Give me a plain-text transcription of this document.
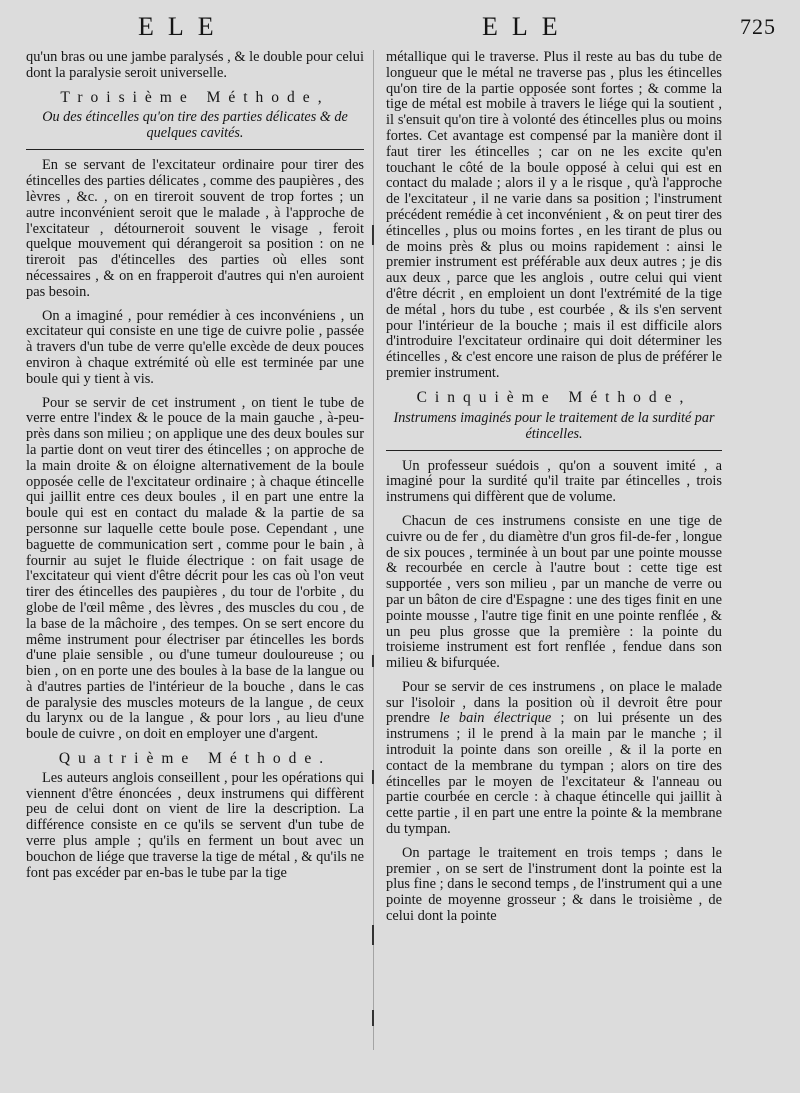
ELE	ELE	725

qu'un bras ou une jambe paralysés , & le double pour celui dont la paralysie seroit universelle.

Troisième Méthode,
Ou des étincelles qu'on tire des parties délicates & de quelques cavités.

En se servant de l'excitateur ordinaire pour tirer des étincelles des parties délicates , comme des paupières , des lèvres , &c. , on en tireroit souvent de trop fortes ; un autre inconvénient seroit que le malade , à l'approche de l'excitateur , détourneroit souvent le visage , feroit quelque mouvement qui dérangeroit sa position : on ne tireroit pas d'étincelles des parties où elles sont nécessaires , & on en frapperoit d'autres qui n'en auroient pas besoin.

On a imaginé , pour remédier à ces inconvéniens , un excitateur qui consiste en une tige de cuivre polie , passée à travers d'un tube de verre qu'elle excède de deux pouces environ à chaque extrémité où elle est terminée par une boule qui y tient à vis.

Pour se servir de cet instrument , on tient le tube de verre entre l'index & le pouce de la main gauche , à-peu-près dans son milieu ; on applique une des deux boules sur la partie dont on veut tirer des étincelles ; on approche de la main droite & on éloigne alternativement de la boule opposée celle de l'excitateur ordinaire ; à chaque étincelle qui jaillit entre ces deux boules , il en part une entre la boule qui est en contact du malade & la partie de sa personne sur laquelle cette boule pose. Cependant , une baguette de communication sert , comme pour le bain , à fournir au sujet le fluide électrique : on fait usage de l'excitateur qui vient d'être décrit pour les cas où l'on veut tirer des étincelles des paupières , du tour de l'orbite , du globe de l'œil même , des lèvres , des muscles du cou , de la base de la mâchoire , des tempes. On se sert encore du même instrument pour électriser par étincelles les bords d'une plaie sensible , ou d'une tumeur douloureuse ; ou bien , on en porte une des boules à la base de la langue ou à d'autres parties de l'intérieur de la bouche , dans le cas de paralysie des muscles moteurs de la langue , de ceux du larynx ou de la langue , & pour lors , au lieu d'une boule de cuivre , on doit en employer une d'argent.

Quatrième Méthode.

Les auteurs anglois conseillent , pour les opérations qui viennent d'être énoncées , deux instrumens qui diffèrent peu de celui dont on vient de lire la description. La différence consiste en ce qu'ils se servent d'un tube de verre plus ample ; qu'ils en ferment un bout avec un bouchon de liége que traverse la tige de métal , & qu'ils ne font pas excéder par en-bas le tube par la tige

métallique qui le traverse. Plus il reste au bas du tube de longueur que le métal ne traverse pas , plus les étincelles qu'on tire de la partie opposée sont fortes ; & comme la tige de métal est mobile à travers le liége qui la soutient , il s'ensuit qu'on tire à volonté des étincelles plus ou moins fortes. Cet avantage est compensé par la manière dont il faut tirer les étincelles ; car on ne les excite qu'en touchant le côté de la boule opposé à celui qui est en contact du malade ; alors il y a le risque , qu'à l'approche de l'excitateur , il ne varie dans sa position ; l'instrument précédent remédie à cet inconvénient , & on peut tirer des étincelles , plus ou moins fortes , en les tirant de plus ou de moins près & plus ou moins rapidement : ainsi le premier instrument est préférable aux deux autres ; je dis aux deux , parce que les anglois , outre celui qui vient d'être décrit , en emploient un dont l'extrémité de la tige de métal , hors du tube , est courbée , & ils s'en servent pour l'intérieur de la bouche ; mais il est difficile alors d'introduire l'excitateur ordinaire qui doit déterminer les étincelles , & c'est encore une raison de plus de préférer le premier instrument.

Cinquième Méthode,
Instrumens imaginés pour le traitement de la surdité par étincelles.

Un professeur suédois , qu'on a souvent imité , a imaginé pour la surdité qu'il traite par étincelles , trois instrumens qui diffèrent que de volume.

Chacun de ces instrumens consiste en une tige de cuivre ou de fer , du diamètre d'un gros fil-de-fer , longue de six pouces , terminée à un bout par une pointe mousse & recourbée en cercle à l'autre bout : cette tige est supportée , vers son milieu , par un manche de verre ou par un bâton de cire d'Espagne : une des tiges finit en une pointe mousse , l'autre tige finit en une pointe renflée , & un peu plus grosse que la première : la pointe du troisieme instrument est fort renflée , fendue dans son milieu & bifurquée.

Pour se servir de ces instrumens , on place le malade sur l'isoloir , dans la position où il devroit être pour prendre le bain électrique ; on lui présente un des instrumens ; il le prend à la main par le manche ; il introduit la pointe dans son oreille , & il la porte en contact de la membrane du tympan ; alors on tire des étincelles par le moyen de l'excitateur & l'anneau ou partie courbée en cercle : à chaque étincelle qui jaillit à cette partie , il en part une entre la pointe & la membrane du tympan.

On partage le traitement en trois temps ; dans le premier , on se sert de l'instrument dont la pointe est la plus fine ; dans le second temps , de l'instrument qui a une pointe de moyenne grosseur ; & dans le troisième , de celui dont la pointe
